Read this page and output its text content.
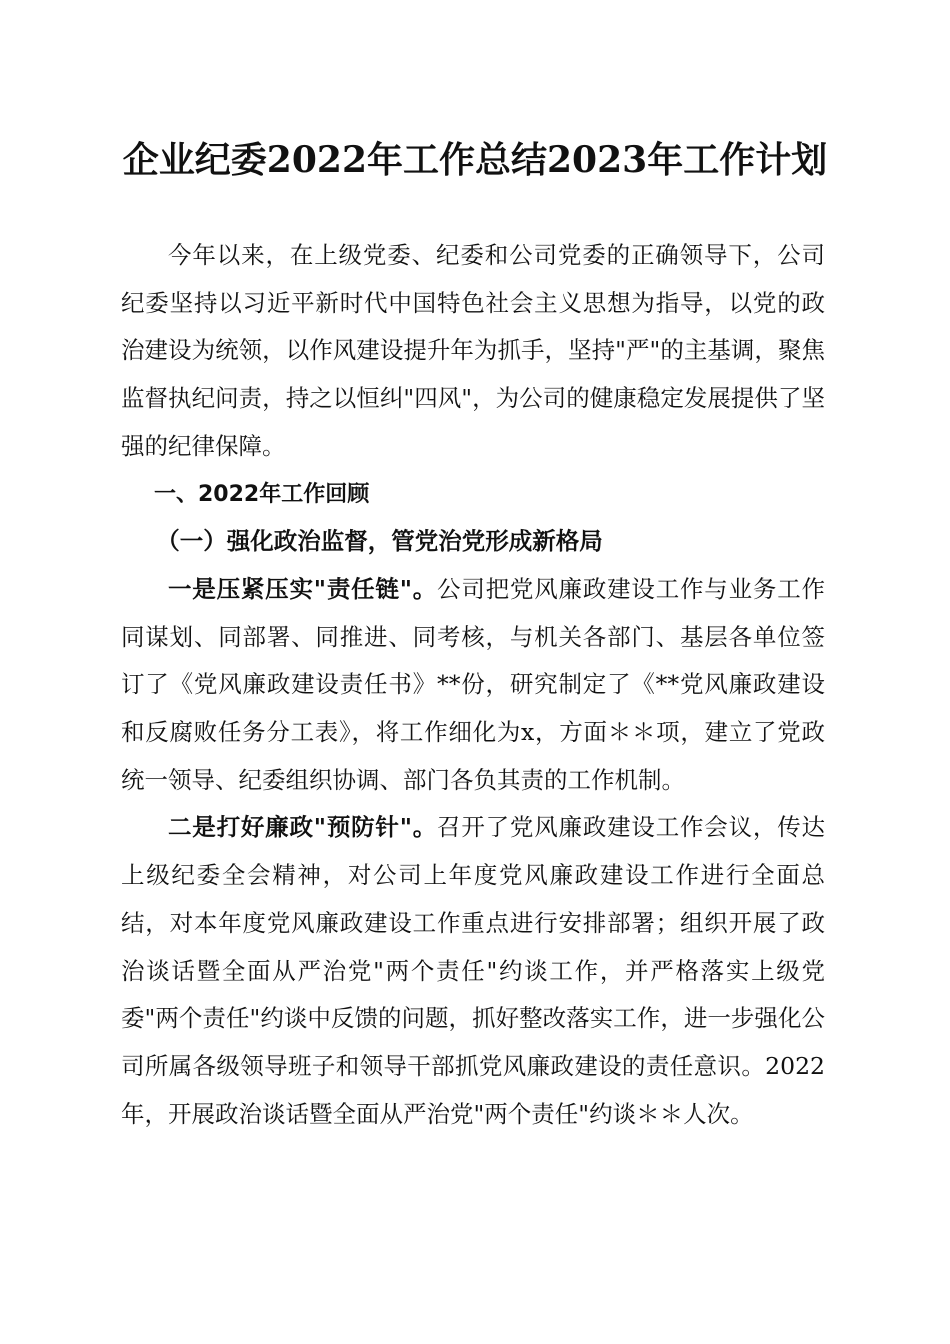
企业纪委2022年工作总结2023年工作计划

今年以来，在上级党委、纪委和公司党委的正确领导下，公司纪委坚持以习近平新时代中国特色社会主义思想为指导，以党的政治建设为统领，以作风建设提升年为抓手，坚持"严"的主基调，聚焦监督执纪问责，持之以恒纠"四风"，为公司的健康稳定发展提供了坚强的纪律保障。

一、2022年工作回顾

（一）强化政治监督，管党治党形成新格局

一是压紧压实"责任链"。公司把党风廉政建设工作与业务工作同谋划、同部署、同推进、同考核，与机关各部门、基层各单位签订了《党风廉政建设责任书》**份，研究制定了《**党风廉政建设和反腐败任务分工表》，将工作细化为x，方面＊＊项，建立了党政统一领导、纪委组织协调、部门各负其责的工作机制。

二是打好廉政"预防针"。召开了党风廉政建设工作会议，传达上级纪委全会精神，对公司上年度党风廉政建设工作进行全面总结，对本年度党风廉政建设工作重点进行安排部署；组织开展了政治谈话暨全面从严治党"两个责任"约谈工作，并严格落实上级党委"两个责任"约谈中反馈的问题，抓好整改落实工作，进一步强化公司所属各级领导班子和领导干部抓党风廉政建设的责任意识。2022年，开展政治谈话暨全面从严治党"两个责任"约谈＊＊人次。
